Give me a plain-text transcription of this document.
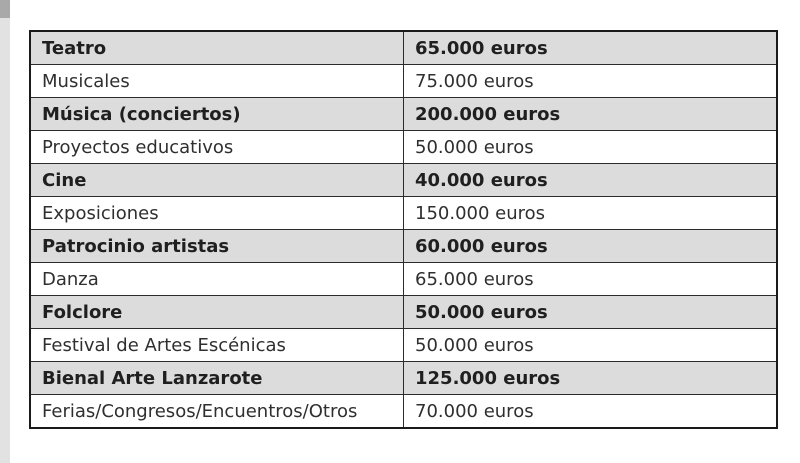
Teatro	65.000 euros
Musicales	75.000 euros
Música (conciertos)	200.000 euros
Proyectos educativos	50.000 euros
Cine	40.000 euros
Exposiciones	150.000 euros
Patrocinio artistas	60.000 euros
Danza	65.000 euros
Folclore	50.000 euros
Festival de Artes Escénicas	50.000 euros
Bienal Arte Lanzarote	125.000 euros
Ferias/Congresos/Encuentros/Otros	70.000 euros
